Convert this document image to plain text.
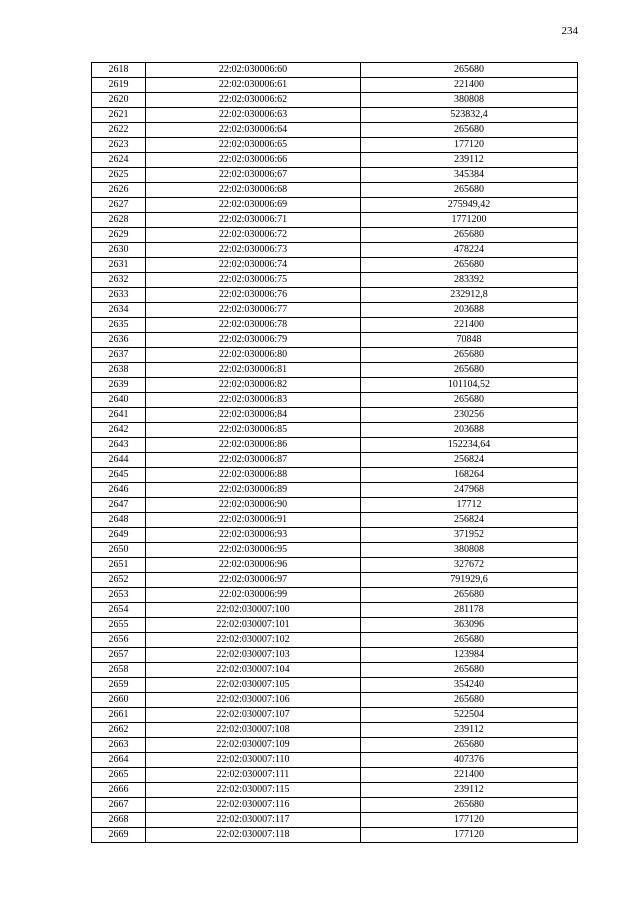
234
2618	22:02:030006:60	265680
2619	22:02:030006:61	221400
2620	22:02:030006:62	380808
2621	22:02:030006:63	523832,4
2622	22:02:030006:64	265680
2623	22:02:030006:65	177120
2624	22:02:030006:66	239112
2625	22:02:030006:67	345384
2626	22:02:030006:68	265680
2627	22:02:030006:69	275949,42
2628	22:02:030006:71	1771200
2629	22:02:030006:72	265680
2630	22:02:030006:73	478224
2631	22:02:030006:74	265680
2632	22:02:030006:75	283392
2633	22:02:030006:76	232912,8
2634	22:02:030006:77	203688
2635	22:02:030006:78	221400
2636	22:02:030006:79	70848
2637	22:02:030006:80	265680
2638	22:02:030006:81	265680
2639	22:02:030006:82	101104,52
2640	22:02:030006:83	265680
2641	22:02:030006:84	230256
2642	22:02:030006:85	203688
2643	22:02:030006:86	152234,64
2644	22:02:030006:87	256824
2645	22:02:030006:88	168264
2646	22:02:030006:89	247968
2647	22:02:030006:90	17712
2648	22:02:030006:91	256824
2649	22:02:030006:93	371952
2650	22:02:030006:95	380808
2651	22:02:030006:96	327672
2652	22:02:030006:97	791929,6
2653	22:02:030006:99	265680
2654	22:02:030007:100	281178
2655	22:02:030007:101	363096
2656	22:02:030007:102	265680
2657	22:02:030007:103	123984
2658	22:02:030007:104	265680
2659	22:02:030007:105	354240
2660	22:02:030007:106	265680
2661	22:02:030007:107	522504
2662	22:02:030007:108	239112
2663	22:02:030007:109	265680
2664	22:02:030007:110	407376
2665	22:02:030007:111	221400
2666	22:02:030007:115	239112
2667	22:02:030007:116	265680
2668	22:02:030007:117	177120
2669	22:02:030007:118	177120
